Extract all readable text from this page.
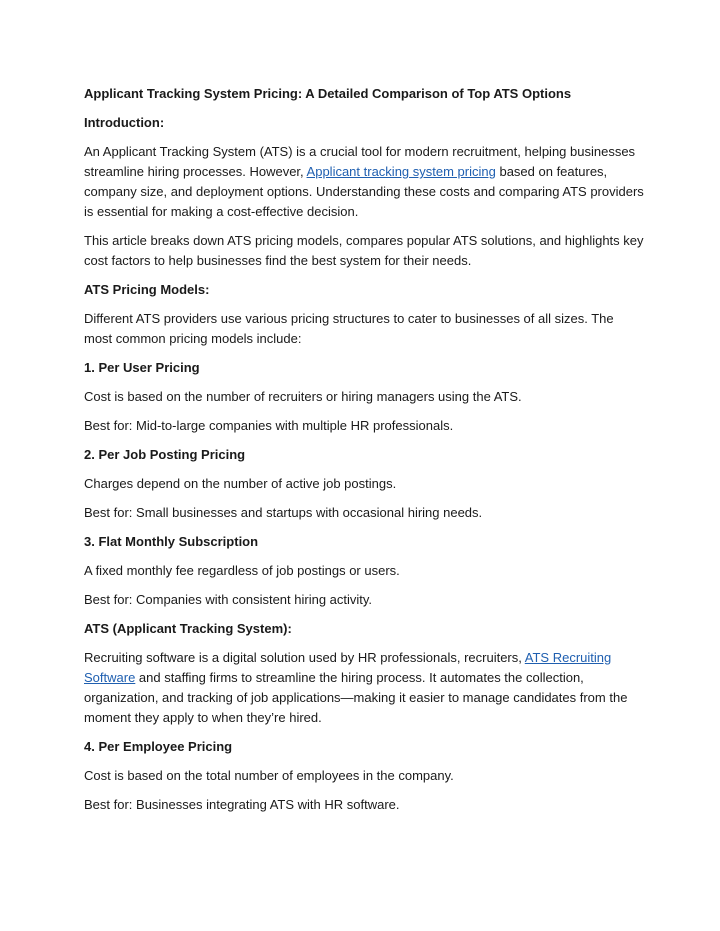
Applicant Tracking System Pricing: A Detailed Comparison of Top ATS Options

Introduction:

An Applicant Tracking System (ATS) is a crucial tool for modern recruitment, helping businesses streamline hiring processes. However, Applicant tracking system pricing based on features, company size, and deployment options. Understanding these costs and comparing ATS providers is essential for making a cost-effective decision.

This article breaks down ATS pricing models, compares popular ATS solutions, and highlights key cost factors to help businesses find the best system for their needs.

ATS Pricing Models:

Different ATS providers use various pricing structures to cater to businesses of all sizes. The most common pricing models include:

1. Per User Pricing

Cost is based on the number of recruiters or hiring managers using the ATS.

Best for: Mid-to-large companies with multiple HR professionals.

2. Per Job Posting Pricing

Charges depend on the number of active job postings.

Best for: Small businesses and startups with occasional hiring needs.

3. Flat Monthly Subscription

A fixed monthly fee regardless of job postings or users.

Best for: Companies with consistent hiring activity.

ATS (Applicant Tracking System):

Recruiting software is a digital solution used by HR professionals, recruiters, ATS Recruiting Software and staffing firms to streamline the hiring process. It automates the collection, organization, and tracking of job applications—making it easier to manage candidates from the moment they apply to when they’re hired.

4. Per Employee Pricing

Cost is based on the total number of employees in the company.

Best for: Businesses integrating ATS with HR software.
